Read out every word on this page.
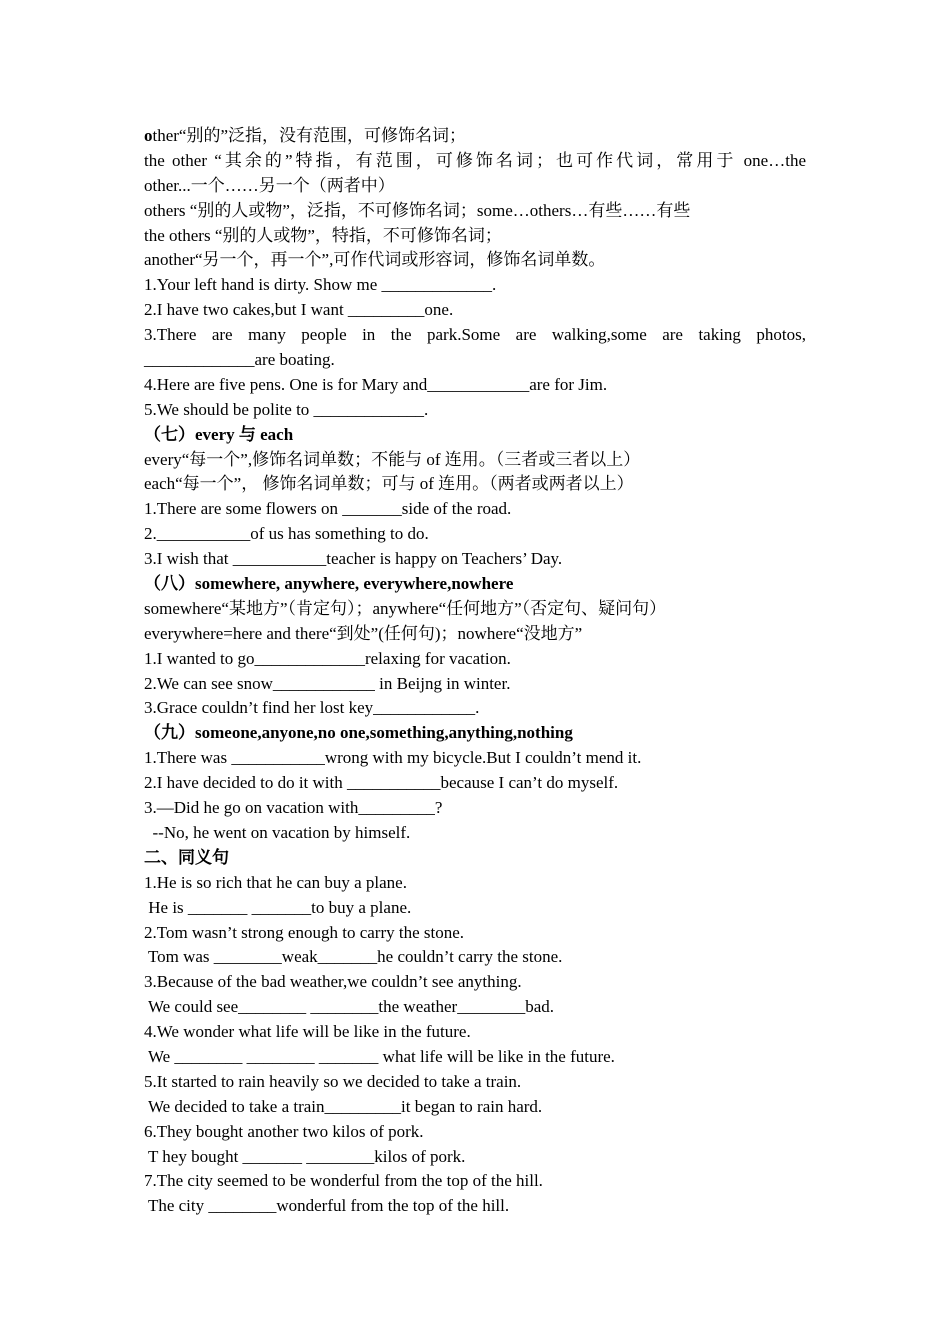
other“别的”泛指，没有范围，可修饰名词；
the other “其余的”特指，有范围，可修饰名词；也可作代词，常用于 one…the
other...一个……另一个（两者中）
others “别的人或物”，泛指，不可修饰名词；some…others…有些……有些
the others “别的人或物”，特指，不可修饰名词；
another“另一个，再一个”,可作代词或形容词，修饰名词单数。
1.Your left hand is dirty. Show me _____________.
2.I have two cakes,but I want _________one.
3.There are many people in the park.Some are walking,some are taking photos,
_____________are boating.
4.Here are five pens. One is for Mary and____________are for Jim.
5.We should be polite to _____________.
（七）every 与 each
every“每一个”,修饰名词单数；不能与 of 连用。（三者或三者以上）
each“每一个”， 修饰名词单数；可与 of 连用。（两者或两者以上）
1.There are some flowers on _______side of the road.
2.___________of us has something to do.
3.I wish that ___________teacher is happy on Teachers’ Day.
（八）somewhere, anywhere, everywhere,nowhere
somewhere“某地方”（肯定句）；anywhere“任何地方”（否定句、疑问句）
everywhere=here and there“到处”(任何句)；nowhere“没地方”
1.I wanted to go_____________relaxing for vacation.
2.We can see snow____________ in Beijng in winter.
3.Grace couldn’t find her lost key____________.
（九）someone,anyone,no one,something,anything,nothing
1.There was ___________wrong with my bicycle.But I couldn’t mend it.
2.I have decided to do it with ___________because I can’t do myself.
3.—Did he go on vacation with_________?
--No, he went on vacation by himself.
二、同义句
1.He is so rich that he can buy a plane.
He is _______ _______to buy a plane.
2.Tom wasn’t strong enough to carry the stone.
Tom was ________weak_______he couldn’t carry the stone.
3.Because of the bad weather,we couldn’t see anything.
We could see________ ________the weather________bad.
4.We wonder what life will be like in the future.
We ________ ________ _______ what life will be like in the future.
5.It started to rain heavily so we decided to take a train.
We decided to take a train_________it began to rain hard.
6.They bought another two kilos of pork.
T hey bought _______ ________kilos of pork.
7.The city seemed to be wonderful from the top of the hill.
The city ________wonderful from the top of the hill.
